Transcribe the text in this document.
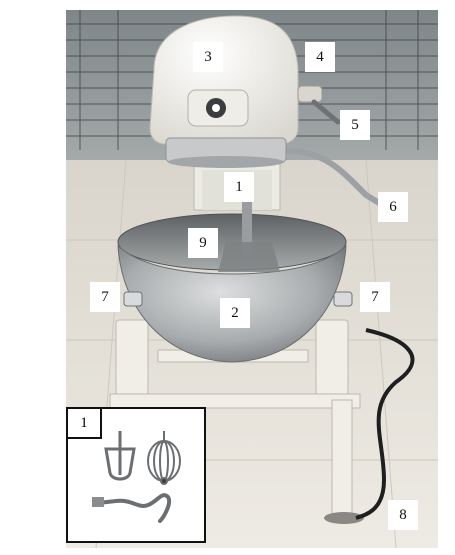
3	4
5
1
6
9
7	7
2
8
1
